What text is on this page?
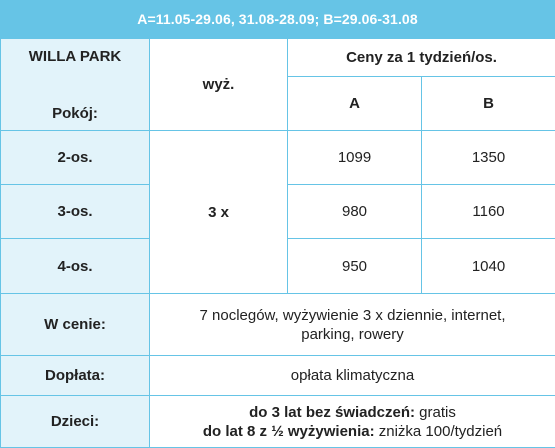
A=11.05-29.06, 31.08-28.09; B=29.06-31.08
WILLA PARK
Pokój:	wyż.	Ceny za 1 tydzień/os.	
		A	B
2-os.	3 x	1099	1350
3-os.		980	1160
4-os.		950	1040
W cenie:	7 noclegów, wyżywienie 3 x dziennie, internet,
parking, rowery		

Dopłata:	opłata klimatyczna		
Dzieci:	do 3 lat bez świadczeń: gratis
do lat 8 z ½ wyżywienia: zniżka 100/tydzień		
